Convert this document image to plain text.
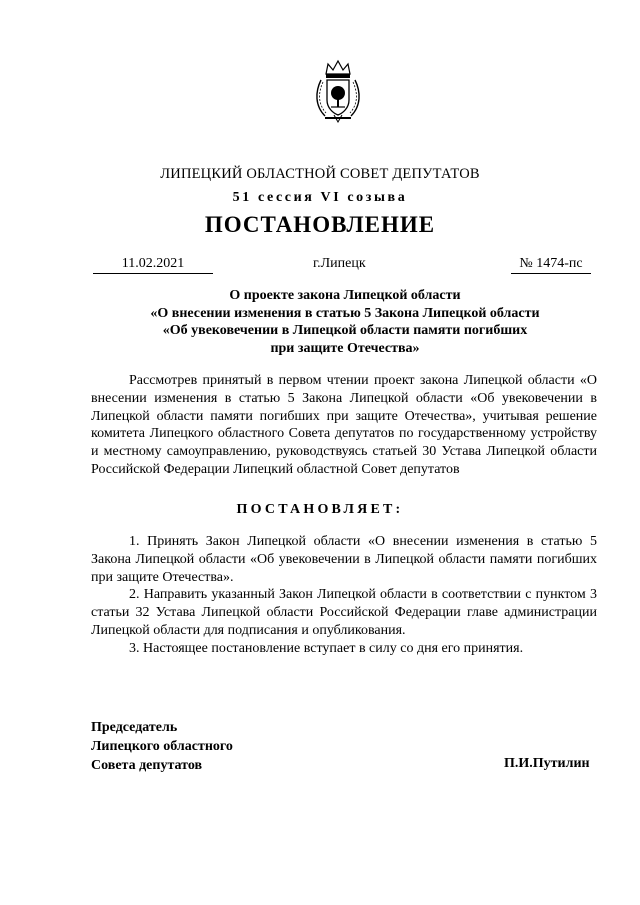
ЛИПЕЦКИЙ ОБЛАСТНОЙ СОВЕТ ДЕПУТАТОВ
51 сессия VI созыва
ПОСТАНОВЛЕНИЕ
11.02.2021	г.Липецк	№ 1474-пс
О проекте закона Липецкой области
«О внесении изменения в статью 5 Закона Липецкой области
«Об увековечении в Липецкой области памяти погибших
при защите Отечества»

Рассмотрев принятый в первом чтении проект закона Липецкой области «О внесении изменения в статью 5 Закона Липецкой области «Об увековечении в Липецкой области памяти погибших при защите Отечества», учитывая решение комитета Липецкого областного Совета депутатов по государственному устройству и местному самоуправлению, руководствуясь статьей 30 Устава Липецкой области Российской Федерации Липецкий областной Совет депутатов

ПОСТАНОВЛЯЕТ:

1. Принять Закон Липецкой области «О внесении изменения в статью 5 Закона Липецкой области «Об увековечении в Липецкой области памяти погибших при защите Отечества».

2. Направить указанный Закон Липецкой области в соответствии с пунктом 3 статьи 32 Устава Липецкой области Российской Федерации главе администрации Липецкой области для подписания и опубликования.

3. Настоящее постановление вступает в силу со дня его принятия.

Председатель
Липецкого областного
Совета депутатов	П.И.Путилин
